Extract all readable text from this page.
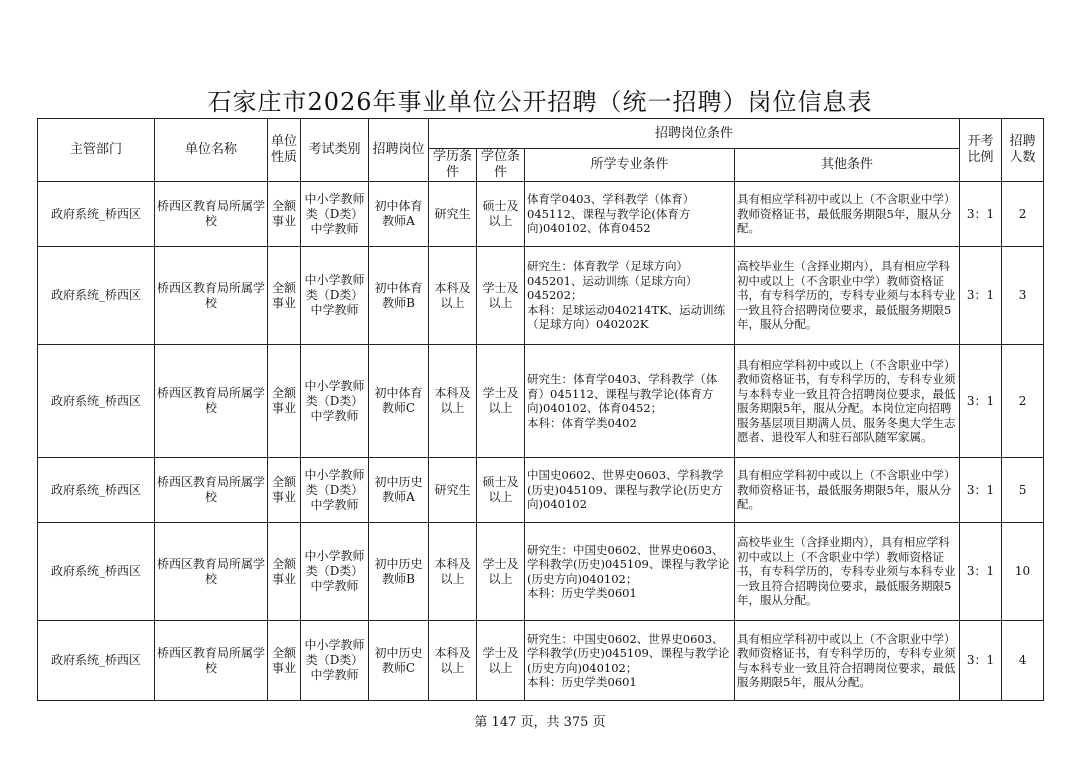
石家庄市2026年事业单位公开招聘（统一招聘）岗位信息表
主管部门	单位名称	单位性质	考试类别	招聘岗位	招聘岗位条件				开考比例	招聘人数
					学历条件	学位条件	所学专业条件	其他条件		
政府系统_桥西区	桥西区教育局所属学校	全额事业	中小学教师类（D类）中学教师	初中体育教师A	研究生	硕士及以上	体育学0403、学科教学（体育）045112、课程与教学论(体育方向)040102、体育0452	具有相应学科初中或以上（不含职业中学）教师资格证书，最低服务期限5年，服从分配。	3：1	2
政府系统_桥西区	桥西区教育局所属学校	全额事业	中小学教师类（D类）中学教师	初中体育教师B	本科及以上	学士及以上	研究生：体育教学（足球方向）045201、运动训练（足球方向）045202；
本科：足球运动040214TK、运动训练（足球方向）040202K	高校毕业生（含择业期内），具有相应学科初中或以上（不含职业中学）教师资格证书，有专科学历的，专科专业须与本科专业一致且符合招聘岗位要求，最低服务期限5年，服从分配。	3：1	3
政府系统_桥西区	桥西区教育局所属学校	全额事业	中小学教师类（D类）中学教师	初中体育教师C	本科及以上	学士及以上	研究生：体育学0403、学科教学（体育）045112、课程与教学论(体育方向)040102、体育0452；
本科：体育学类0402	具有相应学科初中或以上（不含职业中学）教师资格证书，有专科学历的，专科专业须与本科专业一致且符合招聘岗位要求，最低服务期限5年，服从分配。本岗位定向招聘服务基层项目期满人员、服务冬奥大学生志愿者、退役军人和驻石部队随军家属。	3：1	2
政府系统_桥西区	桥西区教育局所属学校	全额事业	中小学教师类（D类）中学教师	初中历史教师A	研究生	硕士及以上	中国史0602、世界史0603、学科教学(历史)045109、课程与教学论(历史方向)040102	具有相应学科初中或以上（不含职业中学）教师资格证书，最低服务期限5年，服从分配。	3：1	5
政府系统_桥西区	桥西区教育局所属学校	全额事业	中小学教师类（D类）中学教师	初中历史教师B	本科及以上	学士及以上	研究生：中国史0602、世界史0603、学科教学(历史)045109、课程与教学论(历史方向)040102；
本科：历史学类0601	高校毕业生（含择业期内），具有相应学科初中或以上（不含职业中学）教师资格证书，有专科学历的，专科专业须与本科专业一致且符合招聘岗位要求，最低服务期限5年，服从分配。	3：1	10
政府系统_桥西区	桥西区教育局所属学校	全额事业	中小学教师类（D类）中学教师	初中历史教师C	本科及以上	学士及以上	研究生：中国史0602、世界史0603、学科教学(历史)045109、课程与教学论(历史方向)040102；
本科：历史学类0601	具有相应学科初中或以上（不含职业中学）教师资格证书，有专科学历的，专科专业须与本科专业一致且符合招聘岗位要求，最低服务期限5年，服从分配。	3：1	4
第 147 页，共 375 页
